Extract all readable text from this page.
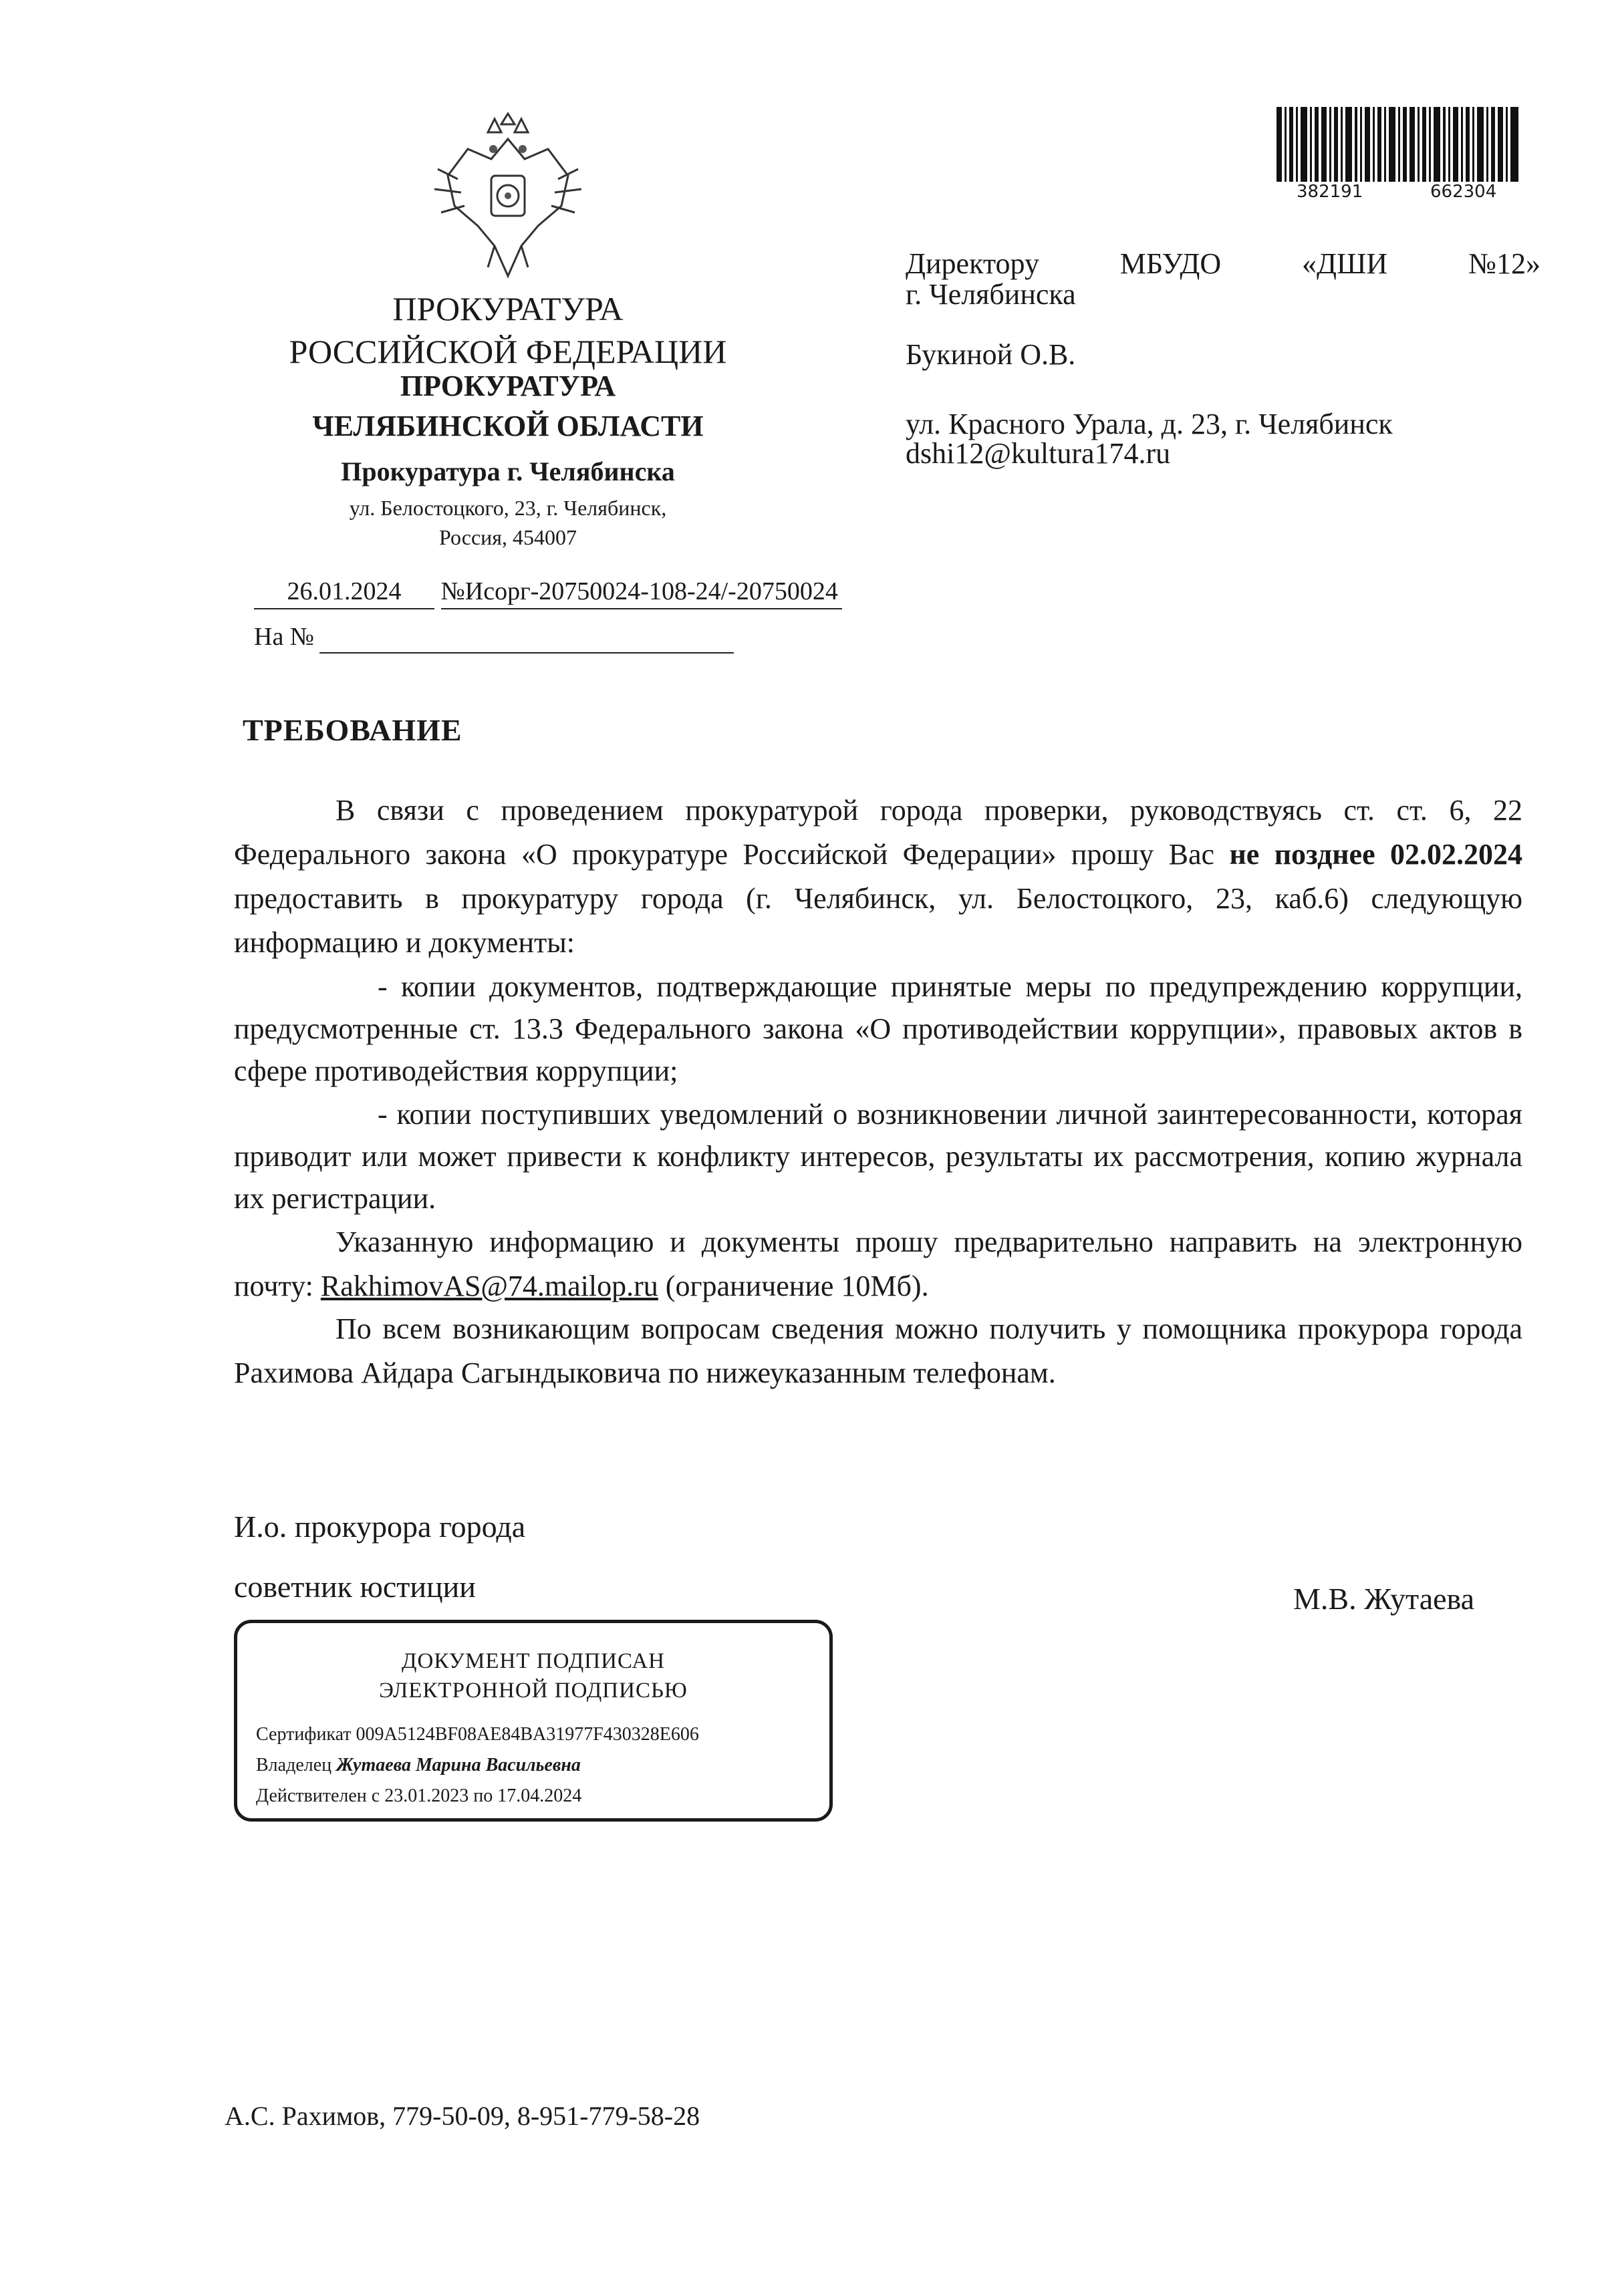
ПРОКУРАТУРА
РОССИЙСКОЙ ФЕДЕРАЦИИ
ПРОКУРАТУРА
ЧЕЛЯБИНСКОЙ ОБЛАСТИ
Прокуратура г. Челябинска
ул. Белостоцкого, 23, г. Челябинск,
Россия, 454007
26.01.2024 №Исорг-20750024-108-24/-20750024
На №
382191	662304
Директору	МБУДО	«ДШИ	№12»
г. Челябинска
Букиной О.В.
ул. Красного Урала, д. 23, г. Челябинск
dshi12@kultura174.ru
ТРЕБОВАНИЕ
В связи с проведением прокуратурой города проверки, руководствуясь ст. ст. 6, 22 Федерального закона «О прокуратуре Российской Федерации» прошу Вас не позднее 02.02.2024 предоставить в прокуратуру города (г. Челябинск, ул. Белостоцкого, 23, каб.6) следующую информацию и документы:
- копии документов, подтверждающие принятые меры по предупреждению коррупции, предусмотренные ст. 13.3 Федерального закона «О противодействии коррупции», правовых актов в сфере противодействия коррупции;
- копии поступивших уведомлений о возникновении личной заинтересованности, которая приводит или может привести к конфликту интересов, результаты их рассмотрения, копию журнала их регистрации.
Указанную информацию и документы прошу предварительно направить на электронную почту: RakhimovAS@74.mailop.ru (ограничение 10Мб).
По всем возникающим вопросам сведения можно получить у помощника прокурора города Рахимова Айдара Сагындыковича по нижеуказанным телефонам.
И.о. прокурора города
советник юстиции	М.В. Жутаева
ДОКУМЕНТ ПОДПИСАН
ЭЛЕКТРОННОЙ ПОДПИСЬЮ
Сертификат 009A5124BF08AE84BA31977F430328E606
Владелец Жутаева Марина Васильевна
Действителен с 23.01.2023 по 17.04.2024
А.С. Рахимов, 779-50-09, 8-951-779-58-28
